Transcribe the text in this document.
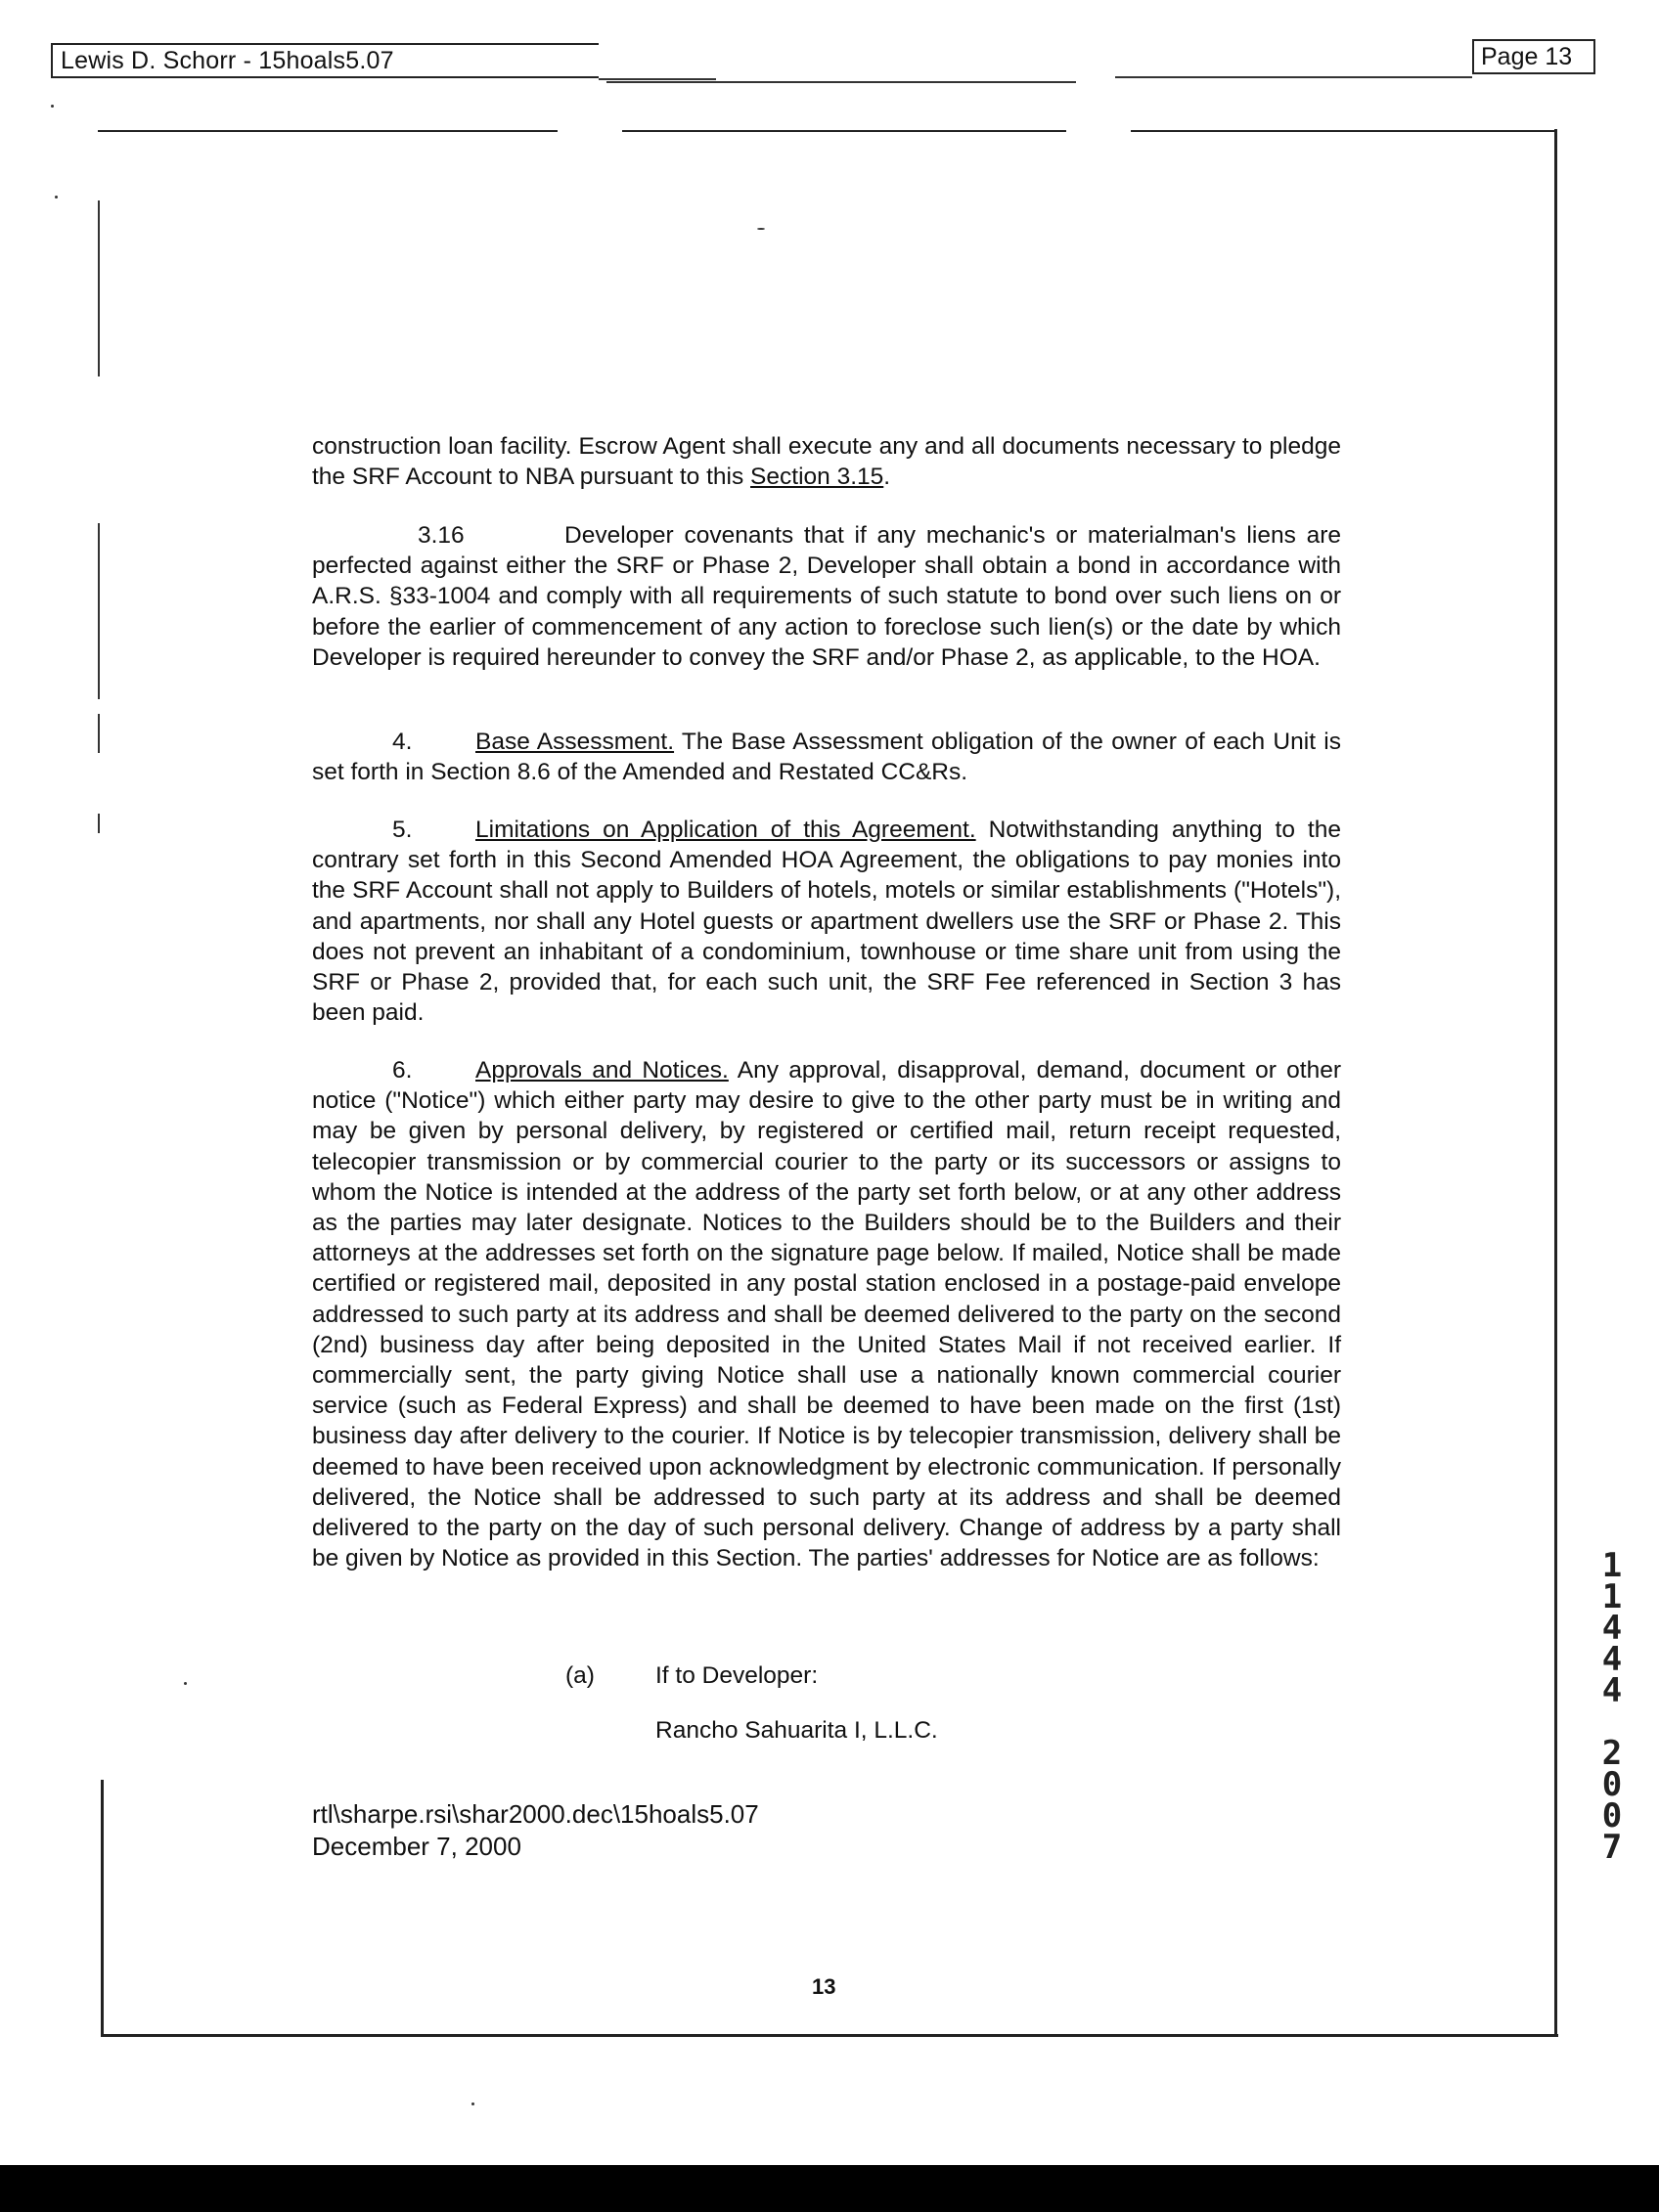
Lewis D. Schorr - 15hoals5.07	Page 13

construction loan facility. Escrow Agent shall execute any and all documents necessary to pledge the SRF Account to NBA pursuant to this Section 3.15.

3.16	Developer covenants that if any mechanic's or materialman's liens are perfected against either the SRF or Phase 2, Developer shall obtain a bond in accordance with A.R.S. §33-1004 and comply with all requirements of such statute to bond over such liens on or before the earlier of commencement of any action to foreclose such lien(s) or the date by which Developer is required hereunder to convey the SRF and/or Phase 2, as applicable, to the HOA.

4.	Base Assessment. The Base Assessment obligation of the owner of each Unit is set forth in Section 8.6 of the Amended and Restated CC&Rs.

5.	Limitations on Application of this Agreement. Notwithstanding anything to the contrary set forth in this Second Amended HOA Agreement, the obligations to pay monies into the SRF Account shall not apply to Builders of hotels, motels or similar establishments ("Hotels"), and apartments, nor shall any Hotel guests or apartment dwellers use the SRF or Phase 2. This does not prevent an inhabitant of a condominium, townhouse or time share unit from using the SRF or Phase 2, provided that, for each such unit, the SRF Fee referenced in Section 3 has been paid.

6.	Approvals and Notices. Any approval, disapproval, demand, document or other notice ("Notice") which either party may desire to give to the other party must be in writing and may be given by personal delivery, by registered or certified mail, return receipt requested, telecopier transmission or by commercial courier to the party or its successors or assigns to whom the Notice is intended at the address of the party set forth below, or at any other address as the parties may later designate. Notices to the Builders should be to the Builders and their attorneys at the addresses set forth on the signature page below. If mailed, Notice shall be made certified or registered mail, deposited in any postal station enclosed in a postage-paid envelope addressed to such party at its address and shall be deemed delivered to the party on the second (2nd) business day after being deposited in the United States Mail if not received earlier. If commercially sent, the party giving Notice shall use a nationally known commercial courier service (such as Federal Express) and shall be deemed to have been made on the first (1st) business day after delivery to the courier. If Notice is by telecopier transmission, delivery shall be deemed to have been received upon acknowledgment by electronic communication. If personally delivered, the Notice shall be addressed to such party at its address and shall be deemed delivered to the party on the day of such personal delivery. Change of address by a party shall be given by Notice as provided in this Section. The parties' addresses for Notice are as follows:

(a)	If to Developer:
Rancho Sahuarita I, L.L.C.
rtl\sharpe.rsi\shar2000.dec\15hoals5.07
December 7, 2000
13
1
1
4
4
4

2
0
0
7
